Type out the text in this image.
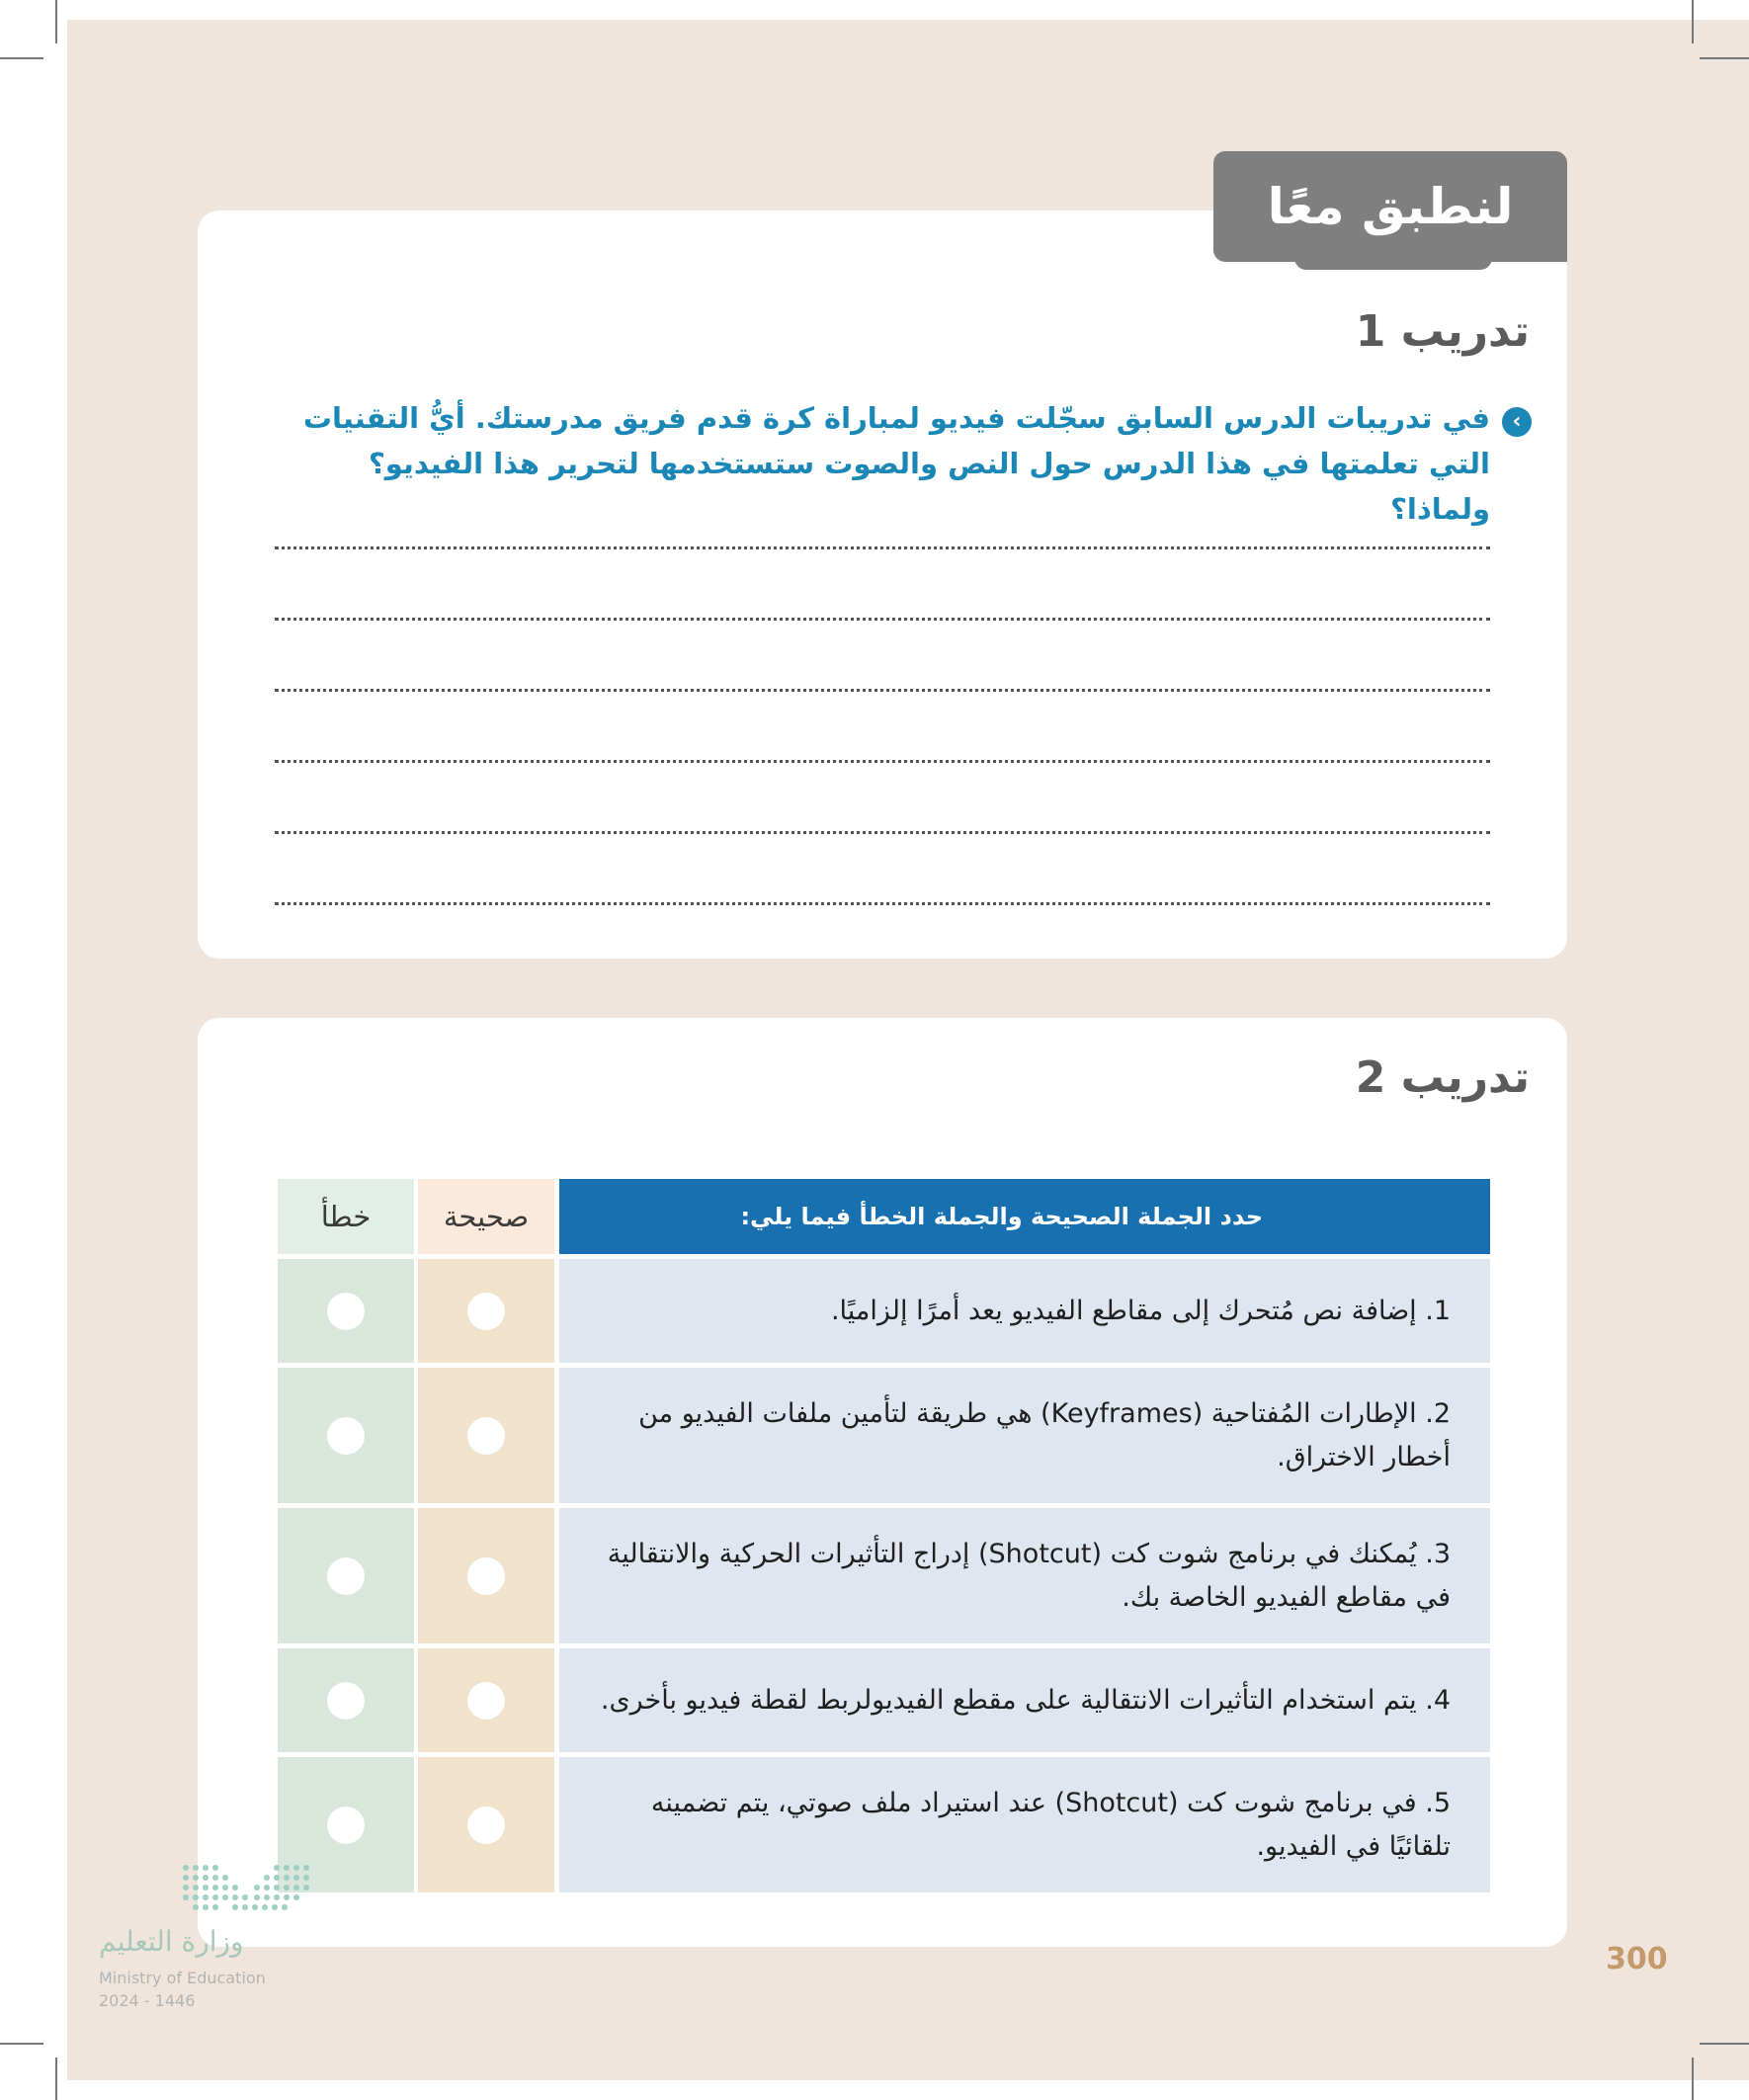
لنطبق معًا
تدريب 1
‹
في تدريبات الدرس السابق سجّلت فيديو لمباراة كرة قدم فريق مدرستك. أيُّ التقنيات التي تعلمتها في هذا الدرس حول النص والصوت ستستخدمها لتحرير هذا الفيديو؟ ولماذا؟
تدريب 2
خطأ	صحيحة	حدد الجملة الصحيحة والجملة الخطأ فيما يلي:
1. إضافة نص مُتحرك إلى مقاطع الفيديو يعد أمرًا إلزاميًا.
2. الإطارات المُفتاحية (Keyframes) هي طريقة لتأمين ملفات الفيديو من أخطار الاختراق.
3. يُمكنك في برنامج شوت كت (Shotcut) إدراج التأثيرات الحركية والانتقالية في مقاطع الفيديو الخاصة بك.
4. يتم استخدام التأثيرات الانتقالية على مقطع الفيديولربط لقطة فيديو بأخرى.
5. في برنامج شوت كت (Shotcut) عند استيراد ملف صوتي، يتم تضمينه تلقائيًا في الفيديو.
وزارة التعليم
Ministry of Education
2024 - 1446
300
